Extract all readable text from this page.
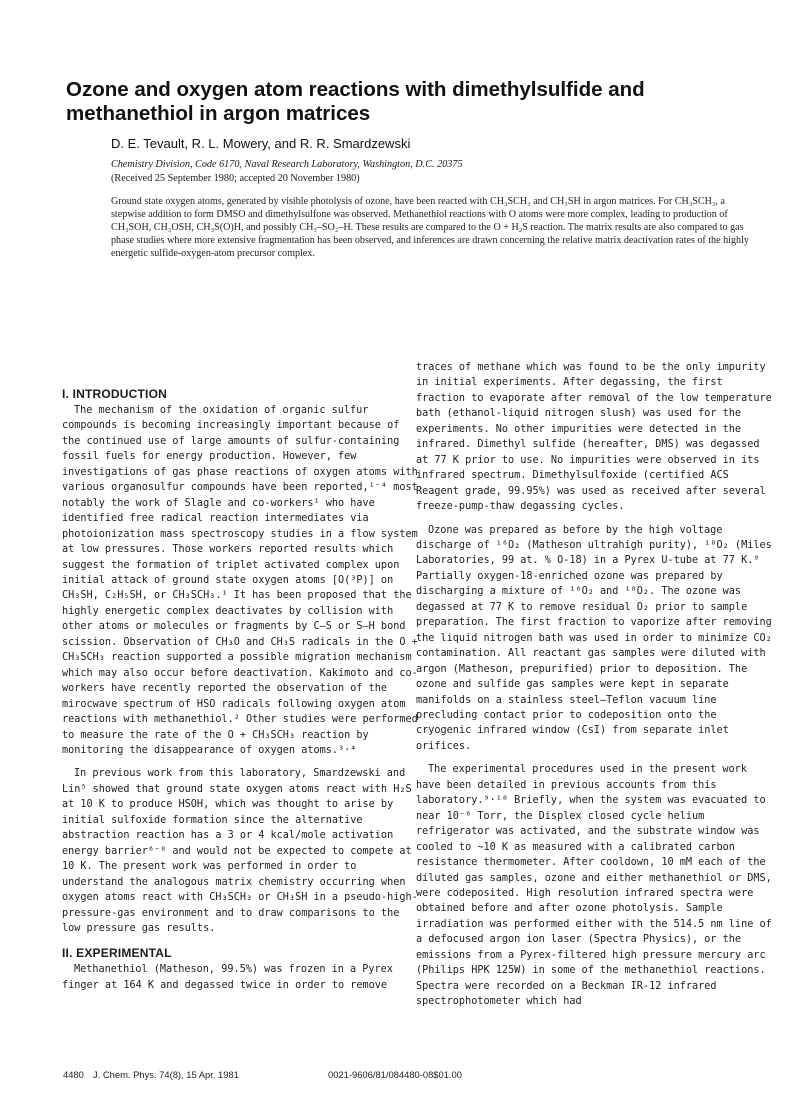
Ozone and oxygen atom reactions with dimethylsulfide and methanethiol in argon matrices
D. E. Tevault, R. L. Mowery, and R. R. Smardzewski
Chemistry Division, Code 6170, Naval Research Laboratory, Washington, D.C. 20375
(Received 25 September 1980; accepted 20 November 1980)
Ground state oxygen atoms, generated by visible photolysis of ozone, have been reacted with CH₃SCH₃ and CH₃SH in argon matrices. For CH₃SCH₃, a stepwise addition to form DMSO and dimethylsulfone was observed. Methanethiol reactions with O atoms were more complex, leading to production of CH₃SOH, CH₃OSH, CH₃S(O)H, and possibly CH₃–SO₂–H. These results are compared to the O + H₂S reaction. The matrix results are also compared to gas phase studies where more extensive fragmentation has been observed, and inferences are drawn concerning the relative matrix deactivation rates of the highly energetic sulfide-oxygen-atom precursor complex.
I. INTRODUCTION

The mechanism of the oxidation of organic sulfur compounds is becoming increasingly important because of the continued use of large amounts of sulfur-containing fossil fuels for energy production. However, few investigations of gas phase reactions of oxygen atoms with various organosulfur compounds have been reported,¹⁻⁴ most notably the work of Slagle and co-workers¹ who have identified free radical reaction intermediates via photoionization mass spectroscopy studies in a flow system at low pressures. Those workers reported results which suggest the formation of triplet activated complex upon initial attack of ground state oxygen atoms [O(³P)] on CH₃SH, C₂H₅SH, or CH₃SCH₃.¹ It has been proposed that the highly energetic complex deactivates by collision with other atoms or molecules or fragments by C–S or S–H bond scission. Observation of CH₃O and CH₃S radicals in the O + CH₃SCH₃ reaction supported a possible migration mechanism which may also occur before deactivation. Kakimoto and co-workers have recently reported the observation of the mirocwave spectrum of HSO radicals following oxygen atom reactions with methanethiol.² Other studies were performed to measure the rate of the O + CH₃SCH₃ reaction by monitoring the disappearance of oxygen atoms.³·⁴

In previous work from this laboratory, Smardzewski and Lin⁵ showed that ground state oxygen atoms react with H₂S at 10 K to produce HSOH, which was thought to arise by initial sulfoxide formation since the alternative abstraction reaction has a 3 or 4 kcal/mole activation energy barrier⁶⁻⁸ and would not be expected to compete at 10 K. The present work was performed in order to understand the analogous matrix chemistry occurring when oxygen atoms react with CH₃SCH₃ or CH₃SH in a pseudo-high-pressure-gas environment and to draw comparisons to the low pressure gas results.

II. EXPERIMENTAL

Methanethiol (Matheson, 99.5%) was frozen in a Pyrex finger at 164 K and degassed twice in order to remove

traces of methane which was found to be the only impurity in initial experiments. After degassing, the first fraction to evaporate after removal of the low temperature bath (ethanol-liquid nitrogen slush) was used for the experiments. No other impurities were detected in the infrared. Dimethyl sulfide (hereafter, DMS) was degassed at 77 K prior to use. No impurities were observed in its infrared spectrum. Dimethylsulfoxide (certified ACS Reagent grade, 99.95%) was used as received after several freeze-pump-thaw degassing cycles.

Ozone was prepared as before by the high voltage discharge of ¹⁶O₂ (Matheson ultrahigh purity), ¹⁸O₂ (Miles Laboratories, 99 at. % O-18) in a Pyrex U-tube at 77 K.⁹ Partially oxygen-18-enriched ozone was prepared by discharging a mixture of ¹⁶O₂ and ¹⁸O₂. The ozone was degassed at 77 K to remove residual O₂ prior to sample preparation. The first fraction to vaporize after removing the liquid nitrogen bath was used in order to minimize CO₂ contamination. All reactant gas samples were diluted with argon (Matheson, prepurified) prior to deposition. The ozone and sulfide gas samples were kept in separate manifolds on a stainless steel–Teflon vacuum line precluding contact prior to codeposition onto the cryogenic infrared window (CsI) from separate inlet orifices.

The experimental procedures used in the present work have been detailed in previous accounts from this laboratory.⁹·¹⁰ Briefly, when the system was evacuated to near 10⁻⁶ Torr, the Displex closed cycle helium refrigerator was activated, and the substrate window was cooled to ~10 K as measured with a calibrated carbon resistance thermometer. After cooldown, 10 mM each of the diluted gas samples, ozone and either methanethiol or DMS, were codeposited. High resolution infrared spectra were obtained before and after ozone photolysis. Sample irradiation was performed either with the 514.5 nm line of a defocused argon ion laser (Spectra Physics), or the emissions from a Pyrex-filtered high pressure mercury arc (Philips HPK 125W) in some of the methanethiol reactions. Spectra were recorded on a Beckman IR-12 infrared spectrophotometer which had

4480 J. Chem. Phys. 74(8), 15 Apr. 1981	0021-9606/81/084480-08$01.00
